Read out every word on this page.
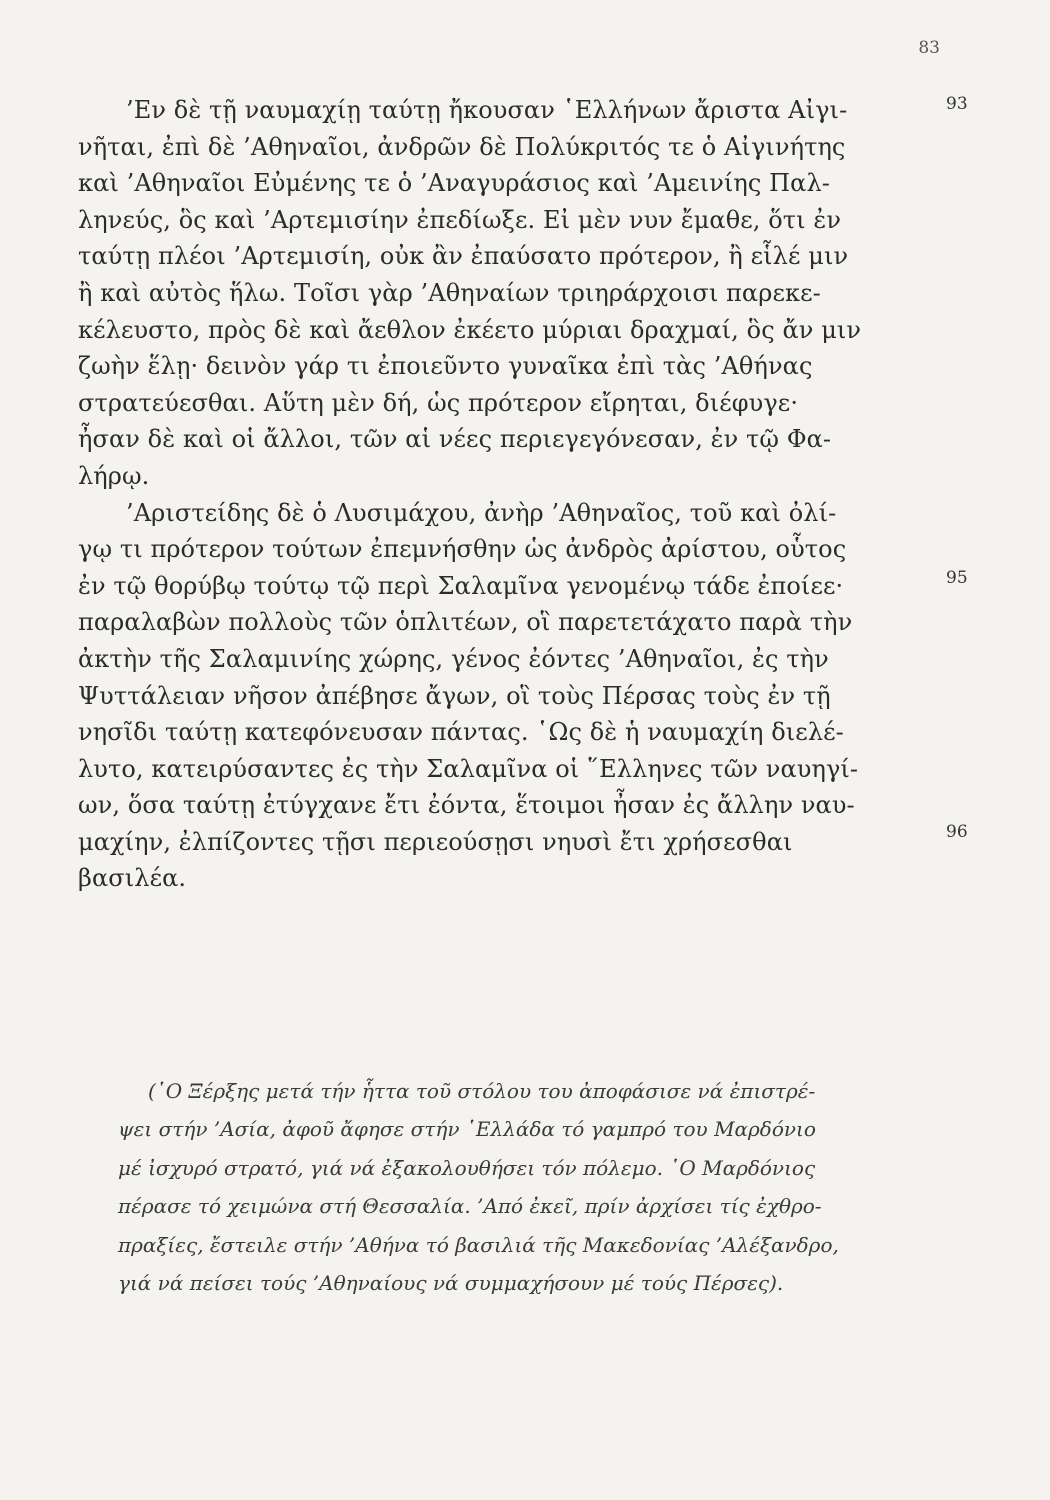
83
93
95
96
’Εν δὲ τῇ ναυμαχίῃ ταύτῃ ἤκουσαν ῾Ελλήνων ἄριστα Αἰγι-
νῆται, ἐπὶ δὲ ’Αθηναῖοι, ἀνδρῶν δὲ Πολύκριτός τε ὁ Αἰγινήτης
καὶ ’Αθηναῖοι Εὐμένης τε ὁ ’Αναγυράσιος καὶ ’Αμεινίης Παλ-
ληνεύς, ὃς καὶ ’Αρτεμισίην ἐπεδίωξε. Εἰ μὲν νυν ἔμαθε, ὅτι ἐν
ταύτῃ πλέοι ’Αρτεμισίη, οὐκ ἂν ἐπαύσατο πρότερον, ἢ εἷλέ μιν
ἢ καὶ αὐτὸς ἥλω. Τοῖσι γὰρ ’Αθηναίων τριηράρχοισι παρεκε-
κέλευστο, πρὸς δὲ καὶ ἄεθλον ἐκέετο μύριαι δραχμαί, ὃς ἄν μιν
ζωὴν ἕλῃ· δεινὸν γάρ τι ἐποιεῦντο γυναῖκα ἐπὶ τὰς ’Αθήνας
στρατεύεσθαι. Αὕτη μὲν δή, ὡς πρότερον εἴρηται, διέφυγε·
ἦσαν δὲ καὶ οἱ ἄλλοι, τῶν αἱ νέες περιεγεγόνεσαν, ἐν τῷ Φα-
λήρῳ.
’Αριστείδης δὲ ὁ Λυσιμάχου, ἀνὴρ ’Αθηναῖος, τοῦ καὶ ὀλί-
γῳ τι πρότερον τούτων ἐπεμνήσθην ὡς ἀνδρὸς ἀρίστου, οὗτος
ἐν τῷ θορύβῳ τούτῳ τῷ περὶ Σαλαμῖνα γενομένῳ τάδε ἐποίεε·
παραλαβὼν πολλοὺς τῶν ὁπλιτέων, οἳ παρετετάχατο παρὰ τὴν
ἀκτὴν τῆς Σαλαμινίης χώρης, γένος ἐόντες ’Αθηναῖοι, ἐς τὴν
Ψυττάλειαν νῆσον ἀπέβησε ἄγων, οἳ τοὺς Πέρσας τοὺς ἐν τῇ
νησῖδι ταύτῃ κατεφόνευσαν πάντας. ῾Ως δὲ ἡ ναυμαχίη διελέ-
λυτο, κατειρύσαντες ἐς τὴν Σαλαμῖνα οἱ ῞Ελληνες τῶν ναυηγί-
ων, ὅσα ταύτῃ ἐτύγχανε ἔτι ἐόντα, ἕτοιμοι ἦσαν ἐς ἄλλην ναυ-
μαχίην, ἐλπίζοντες τῇσι περιεούσῃσι νηυσὶ ἔτι χρήσεσθαι
βασιλέα.
(῾Ο Ξέρξης μετά τήν ἧττα τοῦ στόλου του ἀποφάσισε νά ἐπιστρέ-
ψει στήν ’Ασία, ἀφοῦ ἄφησε στήν ῾Ελλάδα τό γαμπρό του Μαρδόνιο
μέ ἰσχυρό στρατό, γιά νά ἐξακολουθήσει τόν πόλεμο. ῾Ο Μαρδόνιος
πέρασε τό χειμώνα στή Θεσσαλία. ’Από ἐκεῖ, πρίν ἀρχίσει τίς ἐχθρο-
πραξίες, ἔστειλε στήν ’Αθήνα τό βασιλιά τῆς Μακεδονίας ’Αλέξανδρο,
γιά νά πείσει τούς ’Αθηναίους νά συμμαχήσουν μέ τούς Πέρσες).
